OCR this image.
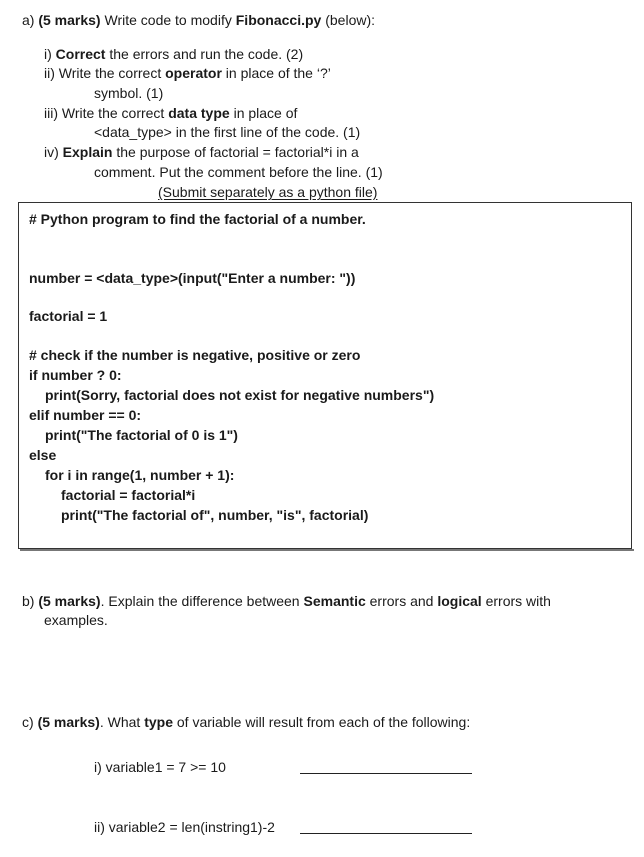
a) (5 marks) Write code to modify Fibonacci.py (below):
i) Correct the errors and run the code. (2)
ii) Write the correct operator in place of the ‘?’
symbol. (1)
iii) Write the correct data type in place of
<data_type> in the first line of the code. (1)
iv) Explain the purpose of factorial = factorial*i in a
comment. Put the comment before the line. (1)
(Submit separately as a python file)
# Python program to find the factorial of a number.
number = <data_type>(input("Enter a number: "))
factorial = 1
# check if the number is negative, positive or zero
if number ? 0:
print(Sorry, factorial does not exist for negative numbers")
elif number == 0:
print("The factorial of 0 is 1")
else
for i in range(1, number + 1):
factorial = factorial*i
print("The factorial of", number, "is", factorial)
b) (5 marks). Explain the difference between Semantic errors and logical errors with
examples.
c) (5 marks). What type of variable will result from each of the following:
i) variable1 = 7 >= 10
ii) variable2 = len(instring1)-2
